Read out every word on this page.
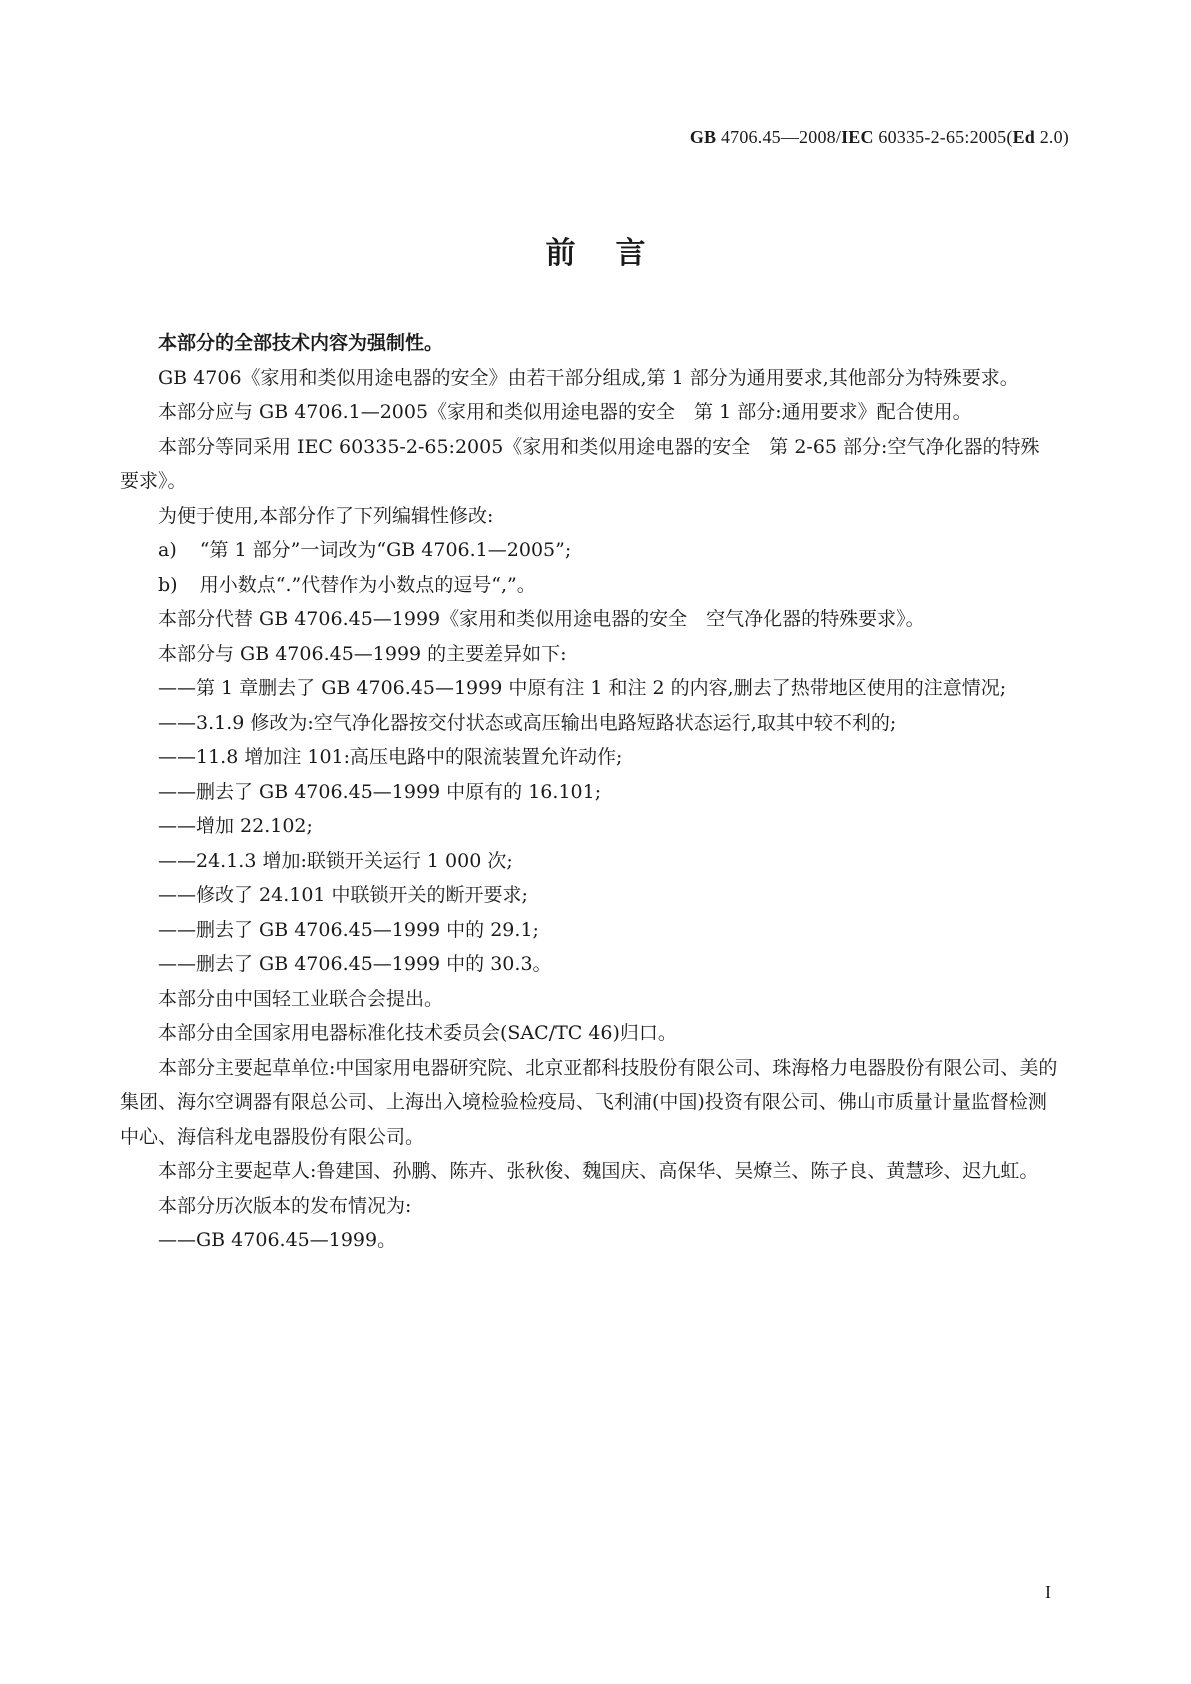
GB 4706.45—2008/IEC 60335-2-65:2005(Ed 2.0)
前言

本部分的全部技术内容为强制性。

GB 4706《家用和类似用途电器的安全》由若干部分组成,第 1 部分为通用要求,其他部分为特殊要求。

本部分应与 GB 4706.1—2005《家用和类似用途电器的安全　第 1 部分:通用要求》配合使用。

本部分等同采用 IEC 60335-2-65:2005《家用和类似用途电器的安全　第 2-65 部分:空气净化器的特殊要求》。

为便于使用,本部分作了下列编辑性修改:

a) “第 1 部分”一词改为“GB 4706.1—2005”;

b) 用小数点“.”代替作为小数点的逗号“,”。

本部分代替 GB 4706.45—1999《家用和类似用途电器的安全　空气净化器的特殊要求》。

本部分与 GB 4706.45—1999 的主要差异如下:

—— 第 1 章删去了 GB 4706.45—1999 中原有注 1 和注 2 的内容,删去了热带地区使用的注意情况;

—— 3.1.9 修改为:空气净化器按交付状态或高压输出电路短路状态运行,取其中较不利的;

—— 11.8 增加注 101:高压电路中的限流装置允许动作;

—— 删去了 GB 4706.45—1999 中原有的 16.101;

—— 增加 22.102;

—— 24.1.3 增加:联锁开关运行 1 000 次;

—— 修改了 24.101 中联锁开关的断开要求;

—— 删去了 GB 4706.45—1999 中的 29.1;

—— 删去了 GB 4706.45—1999 中的 30.3。

本部分由中国轻工业联合会提出。

本部分由全国家用电器标准化技术委员会(SAC/TC 46)归口。

本部分主要起草单位:中国家用电器研究院、北京亚都科技股份有限公司、珠海格力电器股份有限公司、美的集团、海尔空调器有限总公司、上海出入境检验检疫局、飞利浦(中国)投资有限公司、佛山市质量计量监督检测中心、海信科龙电器股份有限公司。

本部分主要起草人:鲁建国、孙鹏、陈卉、张秋俊、魏国庆、高保华、吴燎兰、陈子良、黄慧珍、迟九虹。

本部分历次版本的发布情况为:

—— GB 4706.45—1999。

I
